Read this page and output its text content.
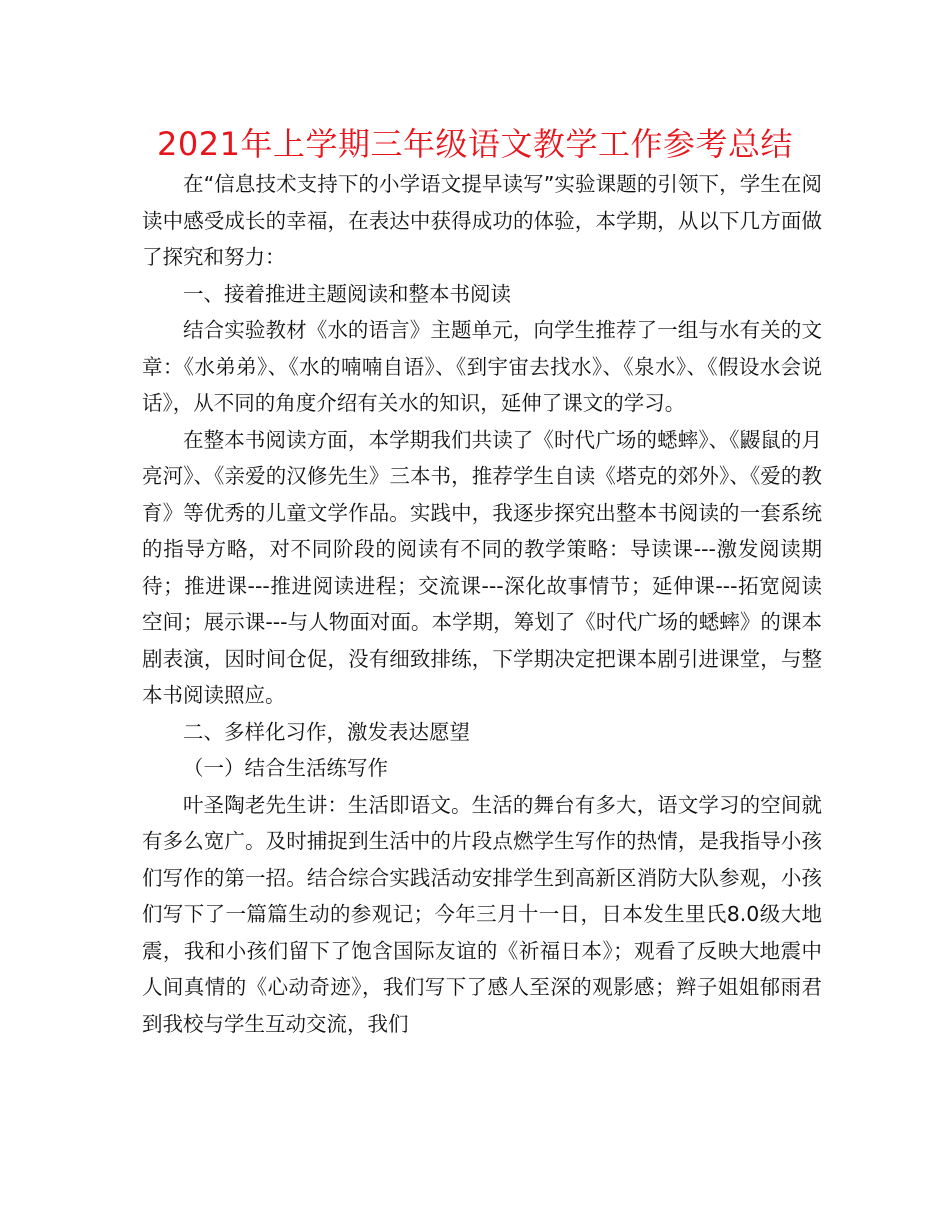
2021年上学期三年级语文教学工作参考总结

在“信息技术支持下的小学语文提早读写”实验课题的引领下，学生在阅读中感受成长的幸福，在表达中获得成功的体验，本学期，从以下几方面做了探究和努力：

一、接着推进主题阅读和整本书阅读

结合实验教材《水的语言》主题单元，向学生推荐了一组与水有关的文章：《水弟弟》、《水的喃喃自语》、《到宇宙去找水》、《泉水》、《假设水会说话》，从不同的角度介绍有关水的知识，延伸了课文的学习。

在整本书阅读方面，本学期我们共读了《时代广场的蟋蟀》、《鼹鼠的月亮河》、《亲爱的汉修先生》三本书，推荐学生自读《塔克的郊外》、《爱的教育》等优秀的儿童文学作品。实践中，我逐步探究出整本书阅读的一套系统的指导方略，对不同阶段的阅读有不同的教学策略：导读课---激发阅读期待；推进课---推进阅读进程；交流课---深化故事情节；延伸课---拓宽阅读空间；展示课---与人物面对面。本学期，筹划了《时代广场的蟋蟀》的课本剧表演，因时间仓促，没有细致排练，下学期决定把课本剧引进课堂，与整本书阅读照应。

二、多样化习作，激发表达愿望

（一）结合生活练写作

叶圣陶老先生讲：生活即语文。生活的舞台有多大，语文学习的空间就有多么宽广。及时捕捉到生活中的片段点燃学生写作的热情，是我指导小孩们写作的第一招。结合综合实践活动安排学生到高新区消防大队参观，小孩们写下了一篇篇生动的参观记；今年三月十一日，日本发生里氏8.0级大地震，我和小孩们留下了饱含国际友谊的《祈福日本》；观看了反映大地震中人间真情的《心动奇迹》，我们写下了感人至深的观影感；辫子姐姐郁雨君到我校与学生互动交流，我们
